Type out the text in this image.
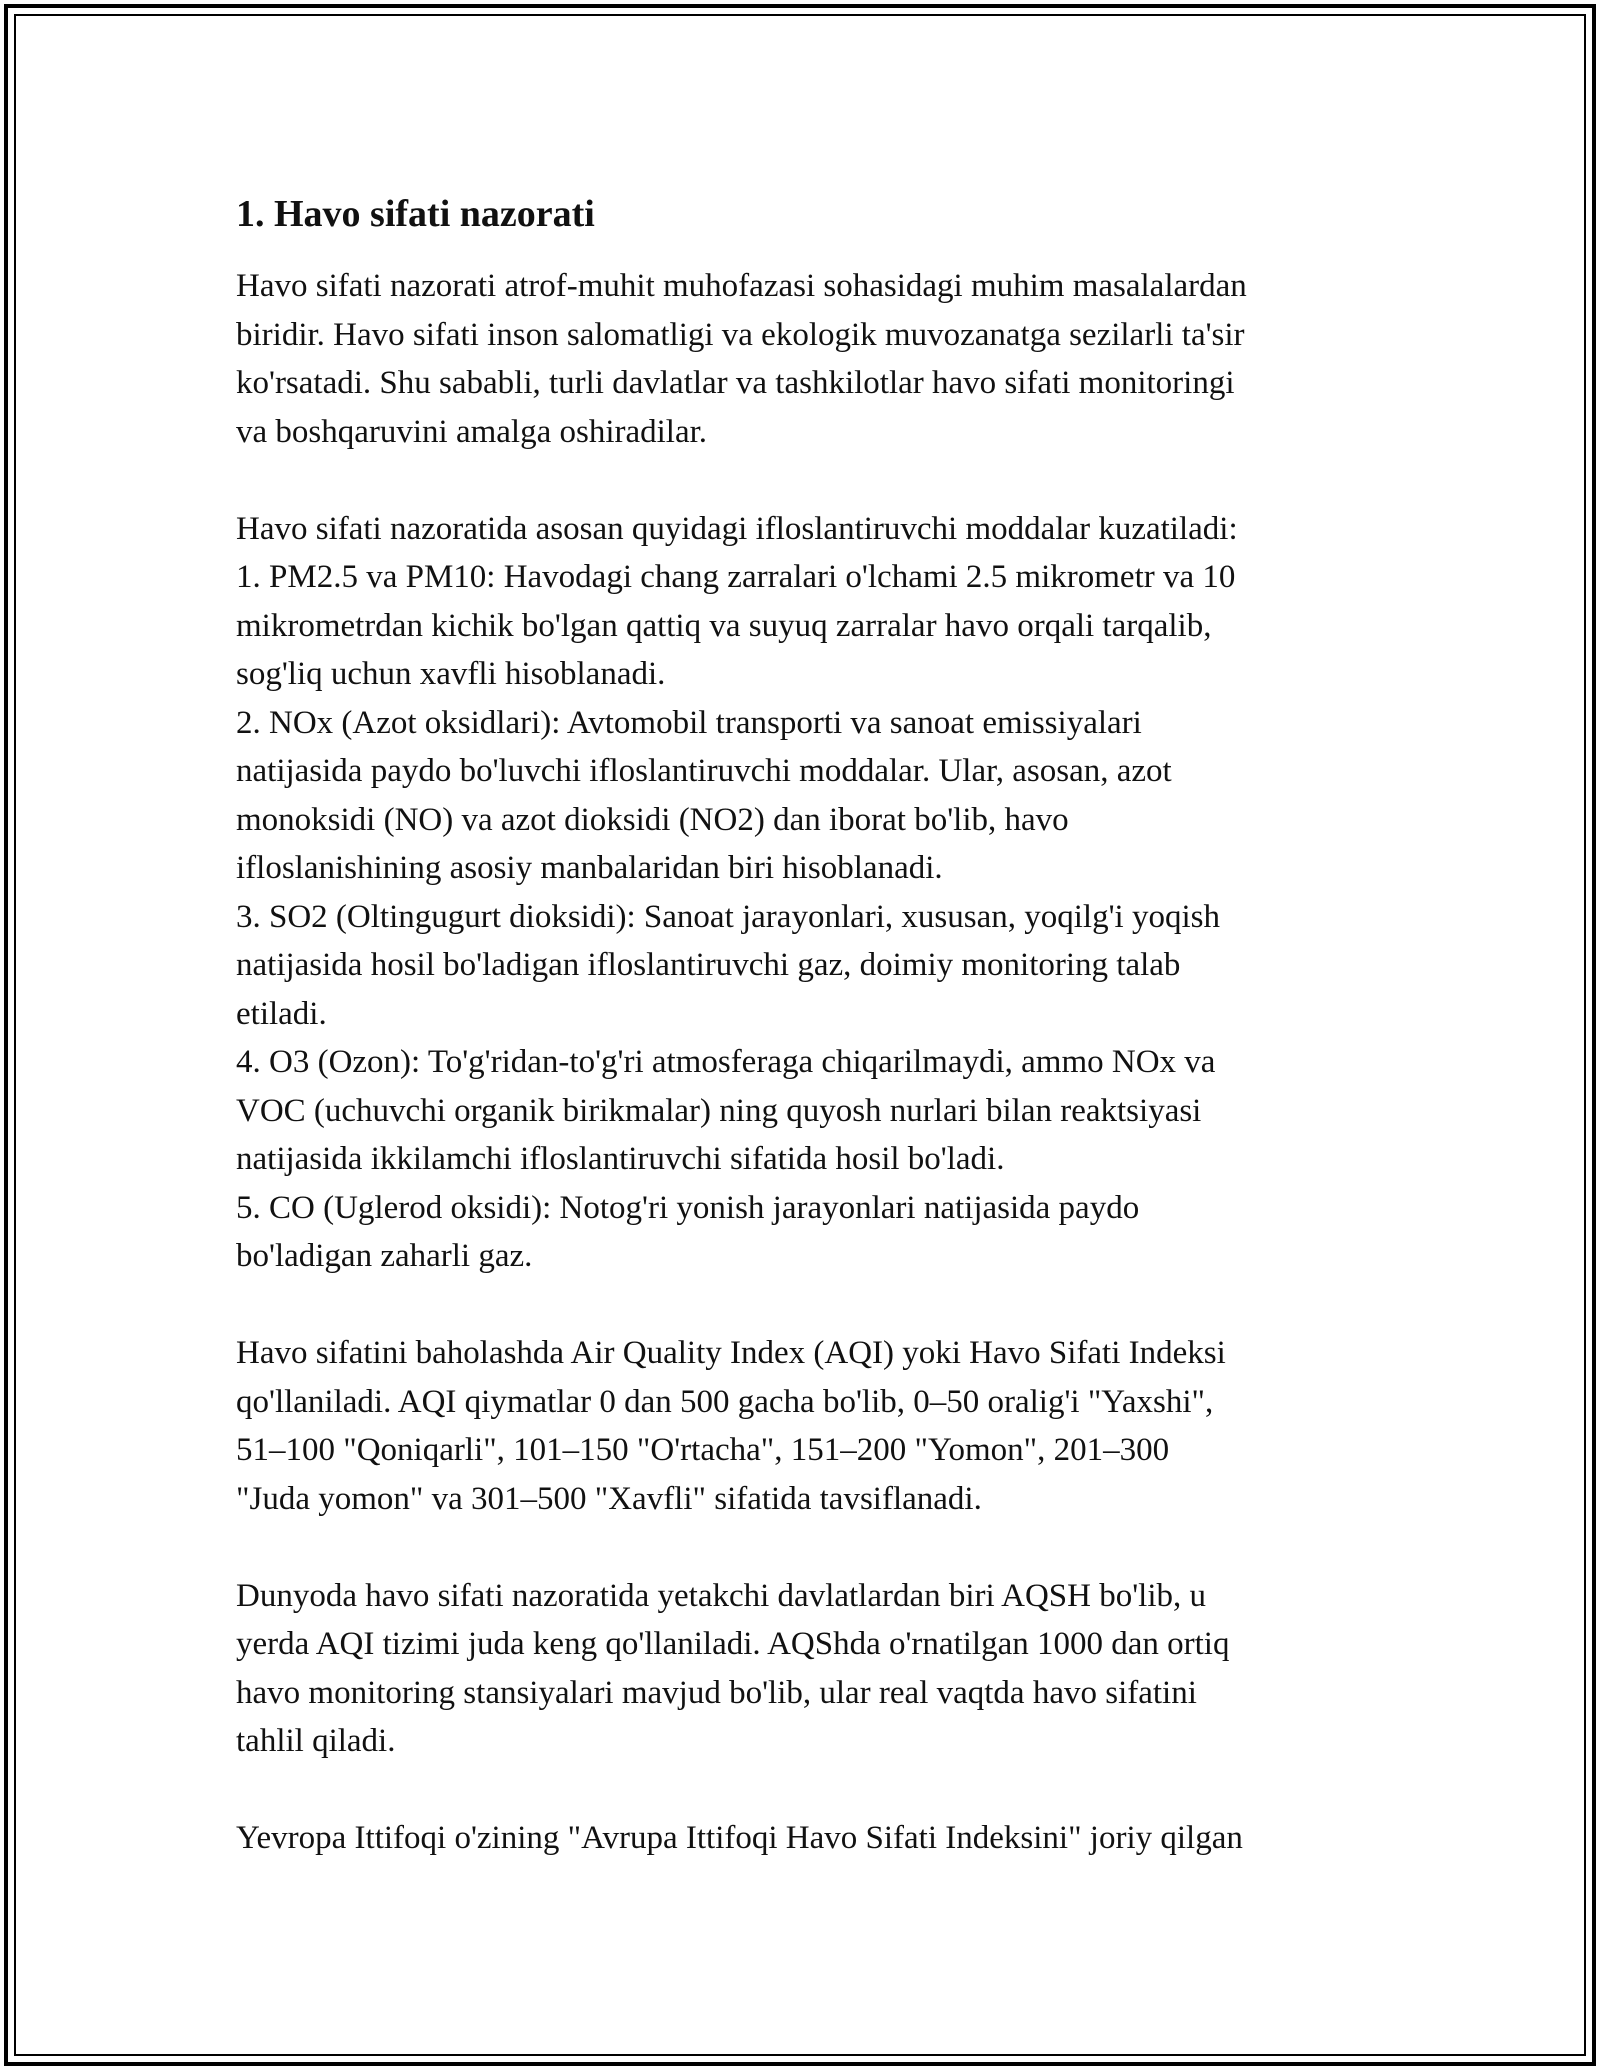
1. Havo sifati nazorati
Havo sifati nazorati atrof-muhit muhofazasi sohasidagi muhim masalalardan
biridir. Havo sifati inson salomatligi va ekologik muvozanatga sezilarli ta'sir
ko'rsatadi. Shu sababli, turli davlatlar va tashkilotlar havo sifati monitoringi
va boshqaruvini amalga oshiradilar.
Havo sifati nazoratida asosan quyidagi ifloslantiruvchi moddalar kuzatiladi:
1. PM2.5 va PM10: Havodagi chang zarralari o'lchami 2.5 mikrometr va 10
mikrometrdan kichik bo'lgan qattiq va suyuq zarralar havo orqali tarqalib,
sog'liq uchun xavfli hisoblanadi.
2. NOx (Azot oksidlari): Avtomobil transporti va sanoat emissiyalari
natijasida paydo bo'luvchi ifloslantiruvchi moddalar. Ular, asosan, azot
monoksidi (NO) va azot dioksidi (NO2) dan iborat bo'lib, havo
ifloslanishining asosiy manbalaridan biri hisoblanadi.
3. SO2 (Oltingugurt dioksidi): Sanoat jarayonlari, xususan, yoqilg'i yoqish
natijasida hosil bo'ladigan ifloslantiruvchi gaz, doimiy monitoring talab
etiladi.
4. O3 (Ozon): To'g'ridan-to'g'ri atmosferaga chiqarilmaydi, ammo NOx va
VOC (uchuvchi organik birikmalar) ning quyosh nurlari bilan reaktsiyasi
natijasida ikkilamchi ifloslantiruvchi sifatida hosil bo'ladi.
5. CO (Uglerod oksidi): Notog'ri yonish jarayonlari natijasida paydo
bo'ladigan zaharli gaz.
Havo sifatini baholashda Air Quality Index (AQI) yoki Havo Sifati Indeksi
qo'llaniladi. AQI qiymatlar 0 dan 500 gacha bo'lib, 0–50 oralig'i "Yaxshi",
51–100 "Qoniqarli", 101–150 "O'rtacha", 151–200 "Yomon", 201–300
"Juda yomon" va 301–500 "Xavfli" sifatida tavsiflanadi.
Dunyoda havo sifati nazoratida yetakchi davlatlardan biri AQSH bo'lib, u
yerda AQI tizimi juda keng qo'llaniladi. AQShda o'rnatilgan 1000 dan ortiq
havo monitoring stansiyalari mavjud bo'lib, ular real vaqtda havo sifatini
tahlil qiladi.
Yevropa Ittifoqi o'zining "Avrupa Ittifoqi Havo Sifati Indeksini" joriy qilgan
